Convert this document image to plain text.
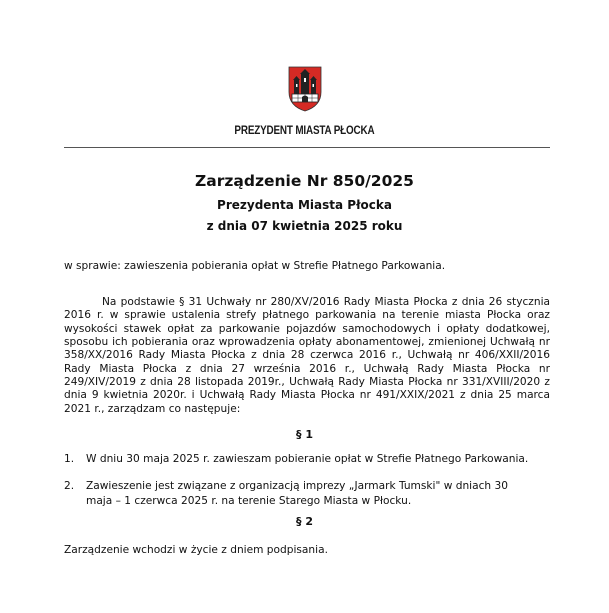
PREZYDENT MIASTA PŁOCKA
Zarządzenie Nr 850/2025
Prezydenta Miasta Płocka
z dnia 07 kwietnia 2025 roku
w sprawie: zawieszenia pobierania opłat w Strefie Płatnego Parkowania.
Na podstawie § 31 Uchwały nr 280/XV/2016 Rady Miasta Płocka z dnia 26 stycznia 2016 r. w sprawie ustalenia strefy płatnego parkowania na terenie miasta Płocka oraz wysokości stawek opłat za parkowanie pojazdów samochodowych i opłaty dodatkowej, sposobu ich pobierania oraz wprowadzenia opłaty abonamentowej, zmienionej Uchwałą nr 358/XX/2016 Rady Miasta Płocka z dnia 28 czerwca 2016 r., Uchwałą nr 406/XXII/2016 Rady Miasta Płocka z dnia 27 września 2016 r., Uchwałą Rady Miasta Płocka nr 249/XIV/2019 z dnia 28 listopada 2019r., Uchwałą Rady Miasta Płocka nr 331/XVIII/2020 z dnia 9 kwietnia 2020r. i Uchwałą Rady Miasta Płocka nr 491/XXIX/2021 z dnia 25 marca 2021 r., zarządzam co następuje:
§ 1
1. W dniu 30 maja 2025 r. zawieszam pobieranie opłat w Strefie Płatnego Parkowania.
2. Zawieszenie jest związane z organizacją imprezy „Jarmark Tumski" w dniach 30 maja – 1 czerwca 2025 r. na terenie Starego Miasta w Płocku.
§ 2
Zarządzenie wchodzi w życie z dniem podpisania.
